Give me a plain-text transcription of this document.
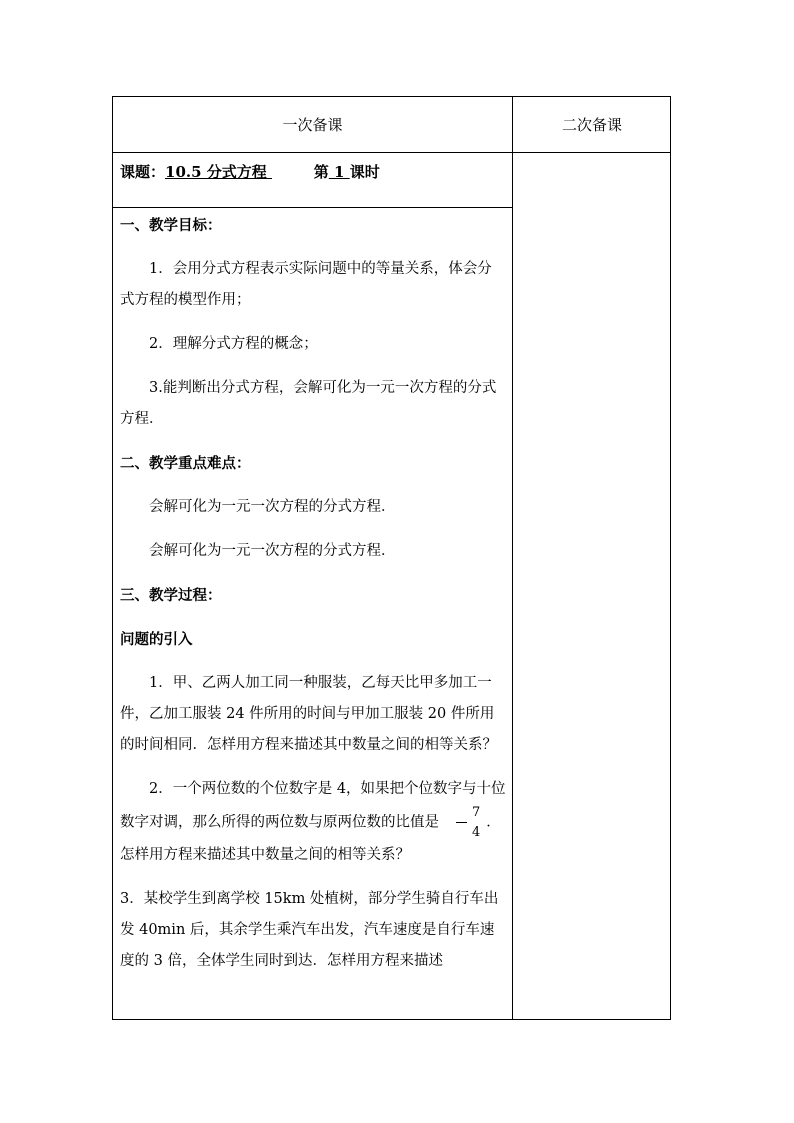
一次备课	二次备课
课题：10.5 分式方程	第 1 课时

一、教学目标：

1．会用分式方程表示实际问题中的等量关系，体会分式方程的模型作用；

2．理解分式方程的概念；

3.能判断出分式方程，会解可化为一元一次方程的分式方程．

二、教学重点难点：

会解可化为一元一次方程的分式方程．

会解可化为一元一次方程的分式方程．

三、教学过程：

问题的引入

1．甲、乙两人加工同一种服装，乙每天比甲多加工一件，乙加工服装 24 件所用的时间与甲加工服装 20 件所用的时间相同．怎样用方程来描述其中数量之间的相等关系？

2．一个两位数的个位数字是 4，如果把个位数字与十位数字对调，那么所得的两位数与原两位数的比值是 $\frac{7}{4}$ ．怎样用方程来描述其中数量之间的相等关系？

3．某校学生到离学校 15km 处植树，部分学生骑自行车出发 40min 后，其余学生乘汽车出发，汽车速度是自行车速度的 3 倍，全体学生同时到达．怎样用方程来描述
